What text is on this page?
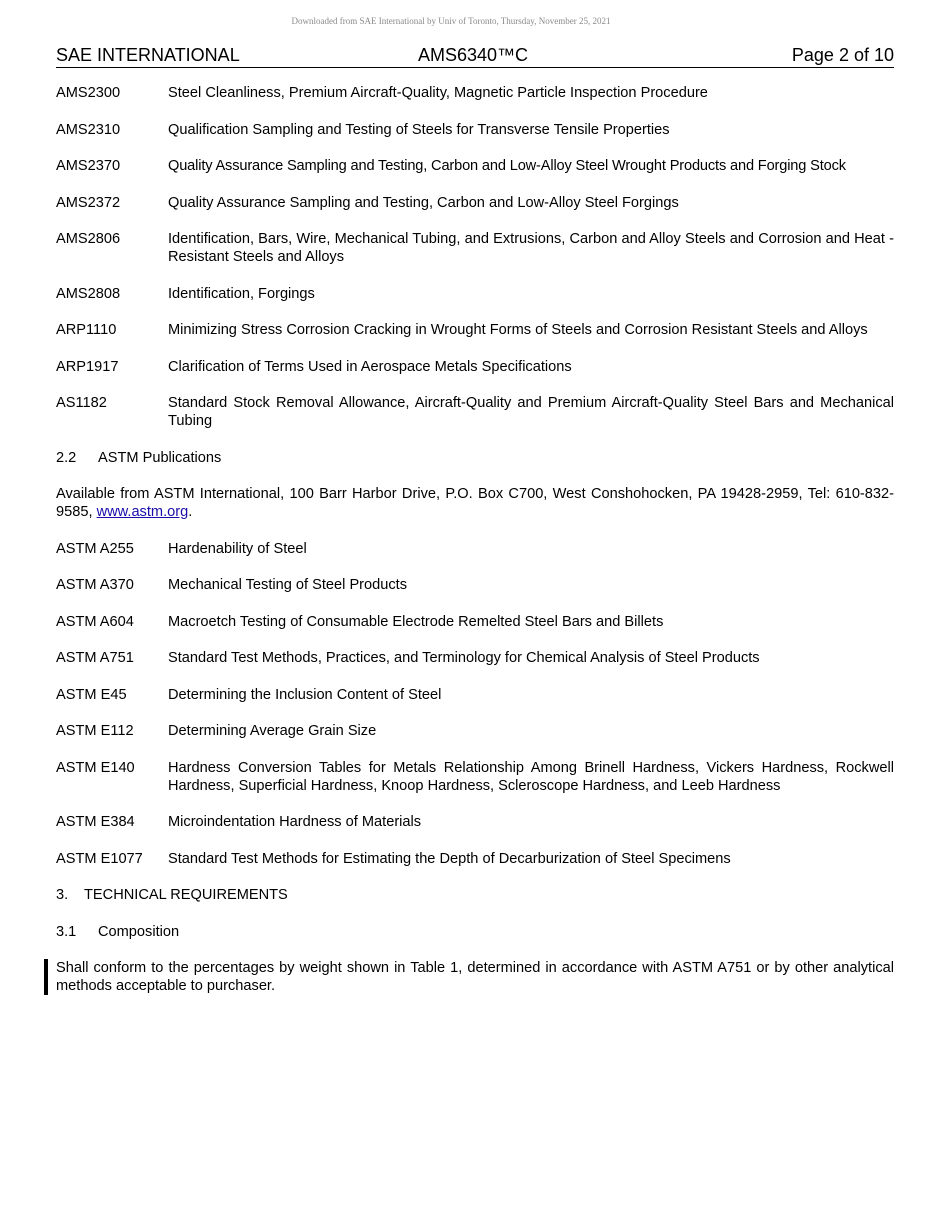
Downloaded from SAE International by Univ of Toronto, Thursday, November 25, 2021
SAE INTERNATIONAL	AMS6340™C	Page 2 of 10
AMS2300	Steel Cleanliness, Premium Aircraft-Quality, Magnetic Particle Inspection Procedure
AMS2310	Qualification Sampling and Testing of Steels for Transverse Tensile Properties
AMS2370	Quality Assurance Sampling and Testing, Carbon and Low-Alloy Steel Wrought Products and Forging Stock
AMS2372	Quality Assurance Sampling and Testing, Carbon and Low-Alloy Steel Forgings
AMS2806	Identification, Bars, Wire, Mechanical Tubing, and Extrusions, Carbon and Alloy Steels and Corrosion and Heat -Resistant Steels and Alloys
AMS2808	Identification, Forgings
ARP1110	Minimizing Stress Corrosion Cracking in Wrought Forms of Steels and Corrosion Resistant Steels and Alloys
ARP1917	Clarification of Terms Used in Aerospace Metals Specifications
AS1182	Standard Stock Removal Allowance, Aircraft-Quality and Premium Aircraft-Quality Steel Bars and Mechanical Tubing
2.2 ASTM Publications
Available from ASTM International, 100 Barr Harbor Drive, P.O. Box C700, West Conshohocken, PA 19428-2959, Tel: 610-832-9585, www.astm.org.
ASTM A255	Hardenability of Steel
ASTM A370	Mechanical Testing of Steel Products
ASTM A604	Macroetch Testing of Consumable Electrode Remelted Steel Bars and Billets
ASTM A751	Standard Test Methods, Practices, and Terminology for Chemical Analysis of Steel Products
ASTM E45	Determining the Inclusion Content of Steel
ASTM E112	Determining Average Grain Size
ASTM E140	Hardness Conversion Tables for Metals Relationship Among Brinell Hardness, Vickers Hardness, Rockwell Hardness, Superficial Hardness, Knoop Hardness, Scleroscope Hardness, and Leeb Hardness
ASTM E384	Microindentation Hardness of Materials
ASTM E1077	Standard Test Methods for Estimating the Depth of Decarburization of Steel Specimens
3. TECHNICAL REQUIREMENTS
3.1 Composition
Shall conform to the percentages by weight shown in Table 1, determined in accordance with ASTM A751 or by other analytical methods acceptable to purchaser.
